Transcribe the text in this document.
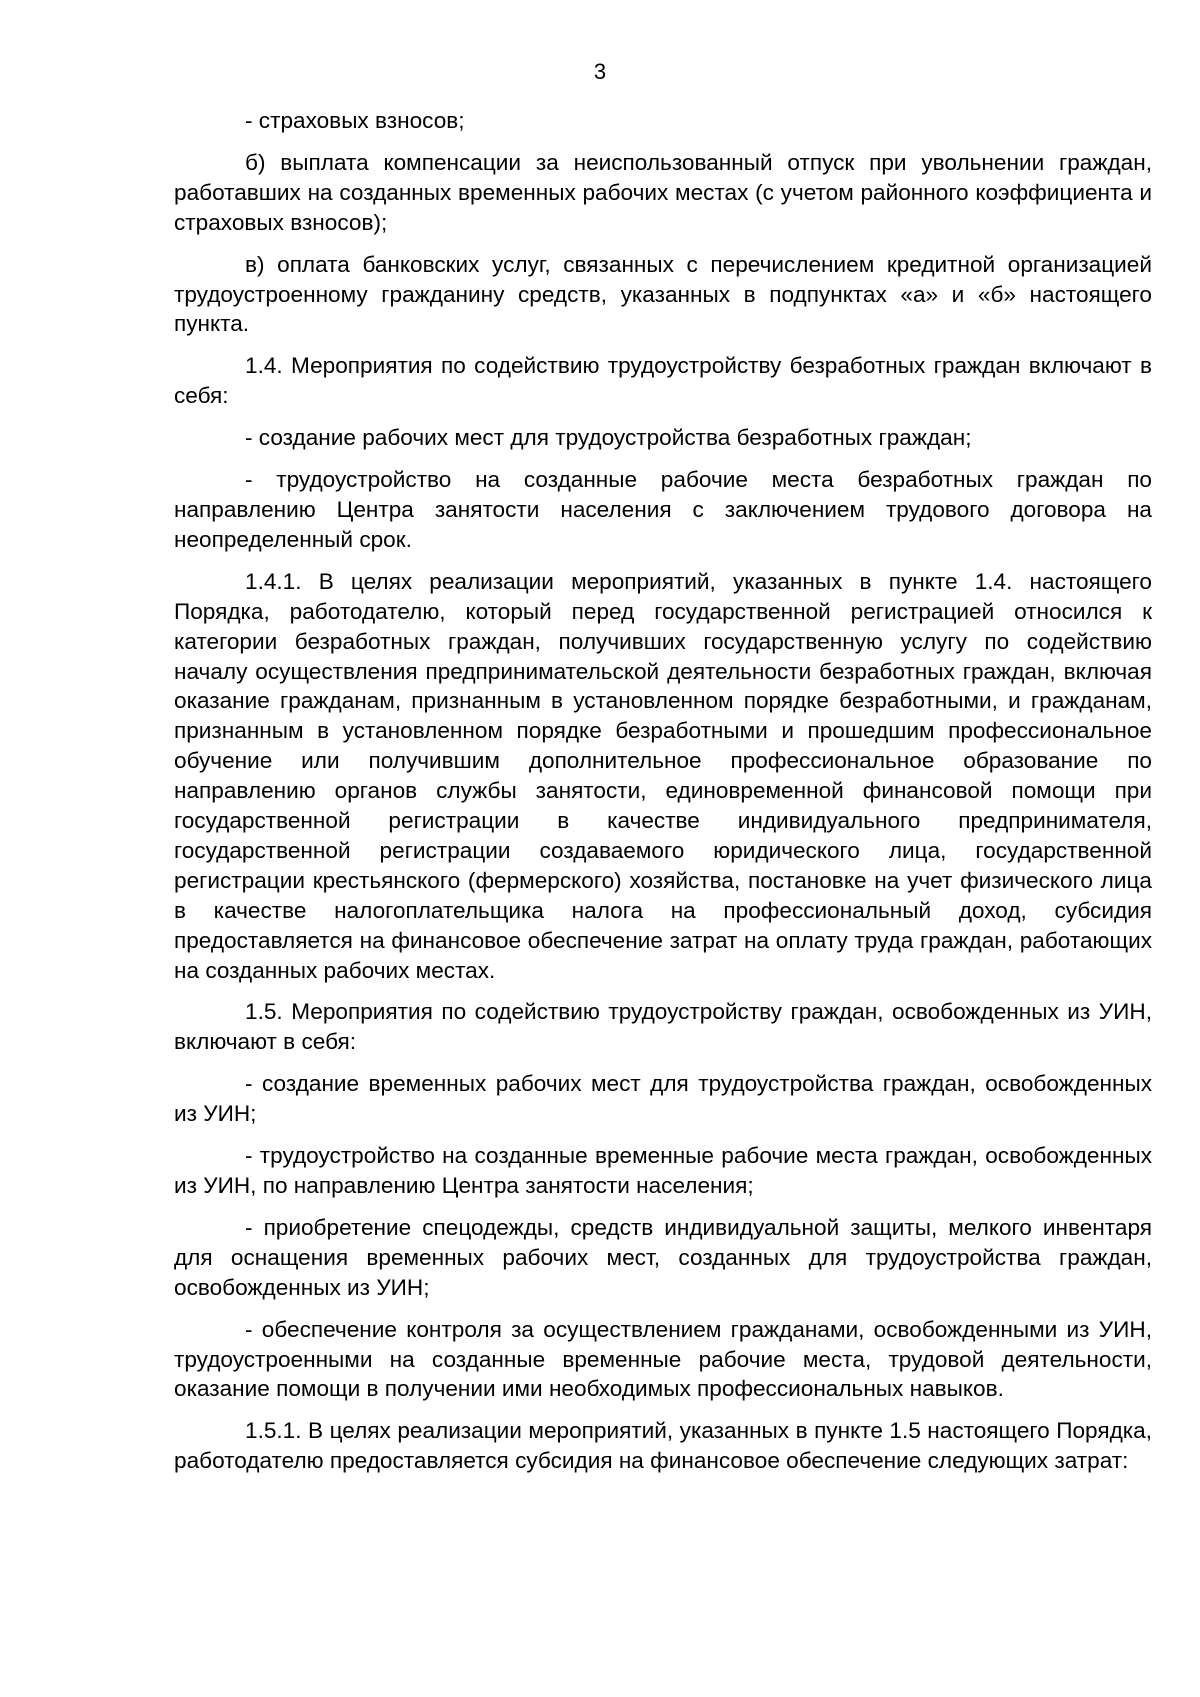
3

- страховых взносов;

б) выплата компенсации за неиспользованный отпуск при увольнении граждан, работавших на созданных временных рабочих местах (с учетом районного коэффициента и страховых взносов);

в) оплата банковских услуг, связанных с перечислением кредитной организацией трудоустроенному гражданину средств, указанных в подпунктах «а» и «б» настоящего пункта.

1.4. Мероприятия по содействию трудоустройству безработных граждан включают в себя:

- создание рабочих мест для трудоустройства безработных граждан;

- трудоустройство на созданные рабочие места безработных граждан по направлению Центра занятости населения с заключением трудового договора на неопределенный срок.

1.4.1. В целях реализации мероприятий, указанных в пункте 1.4. настоящего Порядка, работодателю, который перед государственной регистрацией относился к категории безработных граждан, получивших государственную услугу по содействию началу осуществления предпринимательской деятельности безработных граждан, включая оказание гражданам, признанным в установленном порядке безработными, и гражданам, признанным в установленном порядке безработными и прошедшим профессиональное обучение или получившим дополнительное профессиональное образование по направлению органов службы занятости, единовременной финансовой помощи при государственной регистрации в качестве индивидуального предпринимателя, государственной регистрации создаваемого юридического лица, государственной регистрации крестьянского (фермерского) хозяйства, постановке на учет физического лица в качестве налогоплательщика налога на профессиональный доход, субсидия предоставляется на финансовое обеспечение затрат на оплату труда граждан, работающих на созданных рабочих местах.

1.5. Мероприятия по содействию трудоустройству граждан, освобожденных из УИН, включают в себя:

- создание временных рабочих мест для трудоустройства граждан, освобожденных из УИН;

- трудоустройство на созданные временные рабочие места граждан, освобожденных из УИН, по направлению Центра занятости населения;

- приобретение спецодежды, средств индивидуальной защиты, мелкого инвентаря для оснащения временных рабочих мест, созданных для трудоустройства граждан, освобожденных из УИН;

- обеспечение контроля за осуществлением гражданами, освобожденными из УИН, трудоустроенными на созданные временные рабочие места, трудовой деятельности, оказание помощи в получении ими необходимых профессиональных навыков.

1.5.1. В целях реализации мероприятий, указанных в пункте 1.5 настоящего Порядка, работодателю предоставляется субсидия на финансовое обеспечение следующих затрат:
